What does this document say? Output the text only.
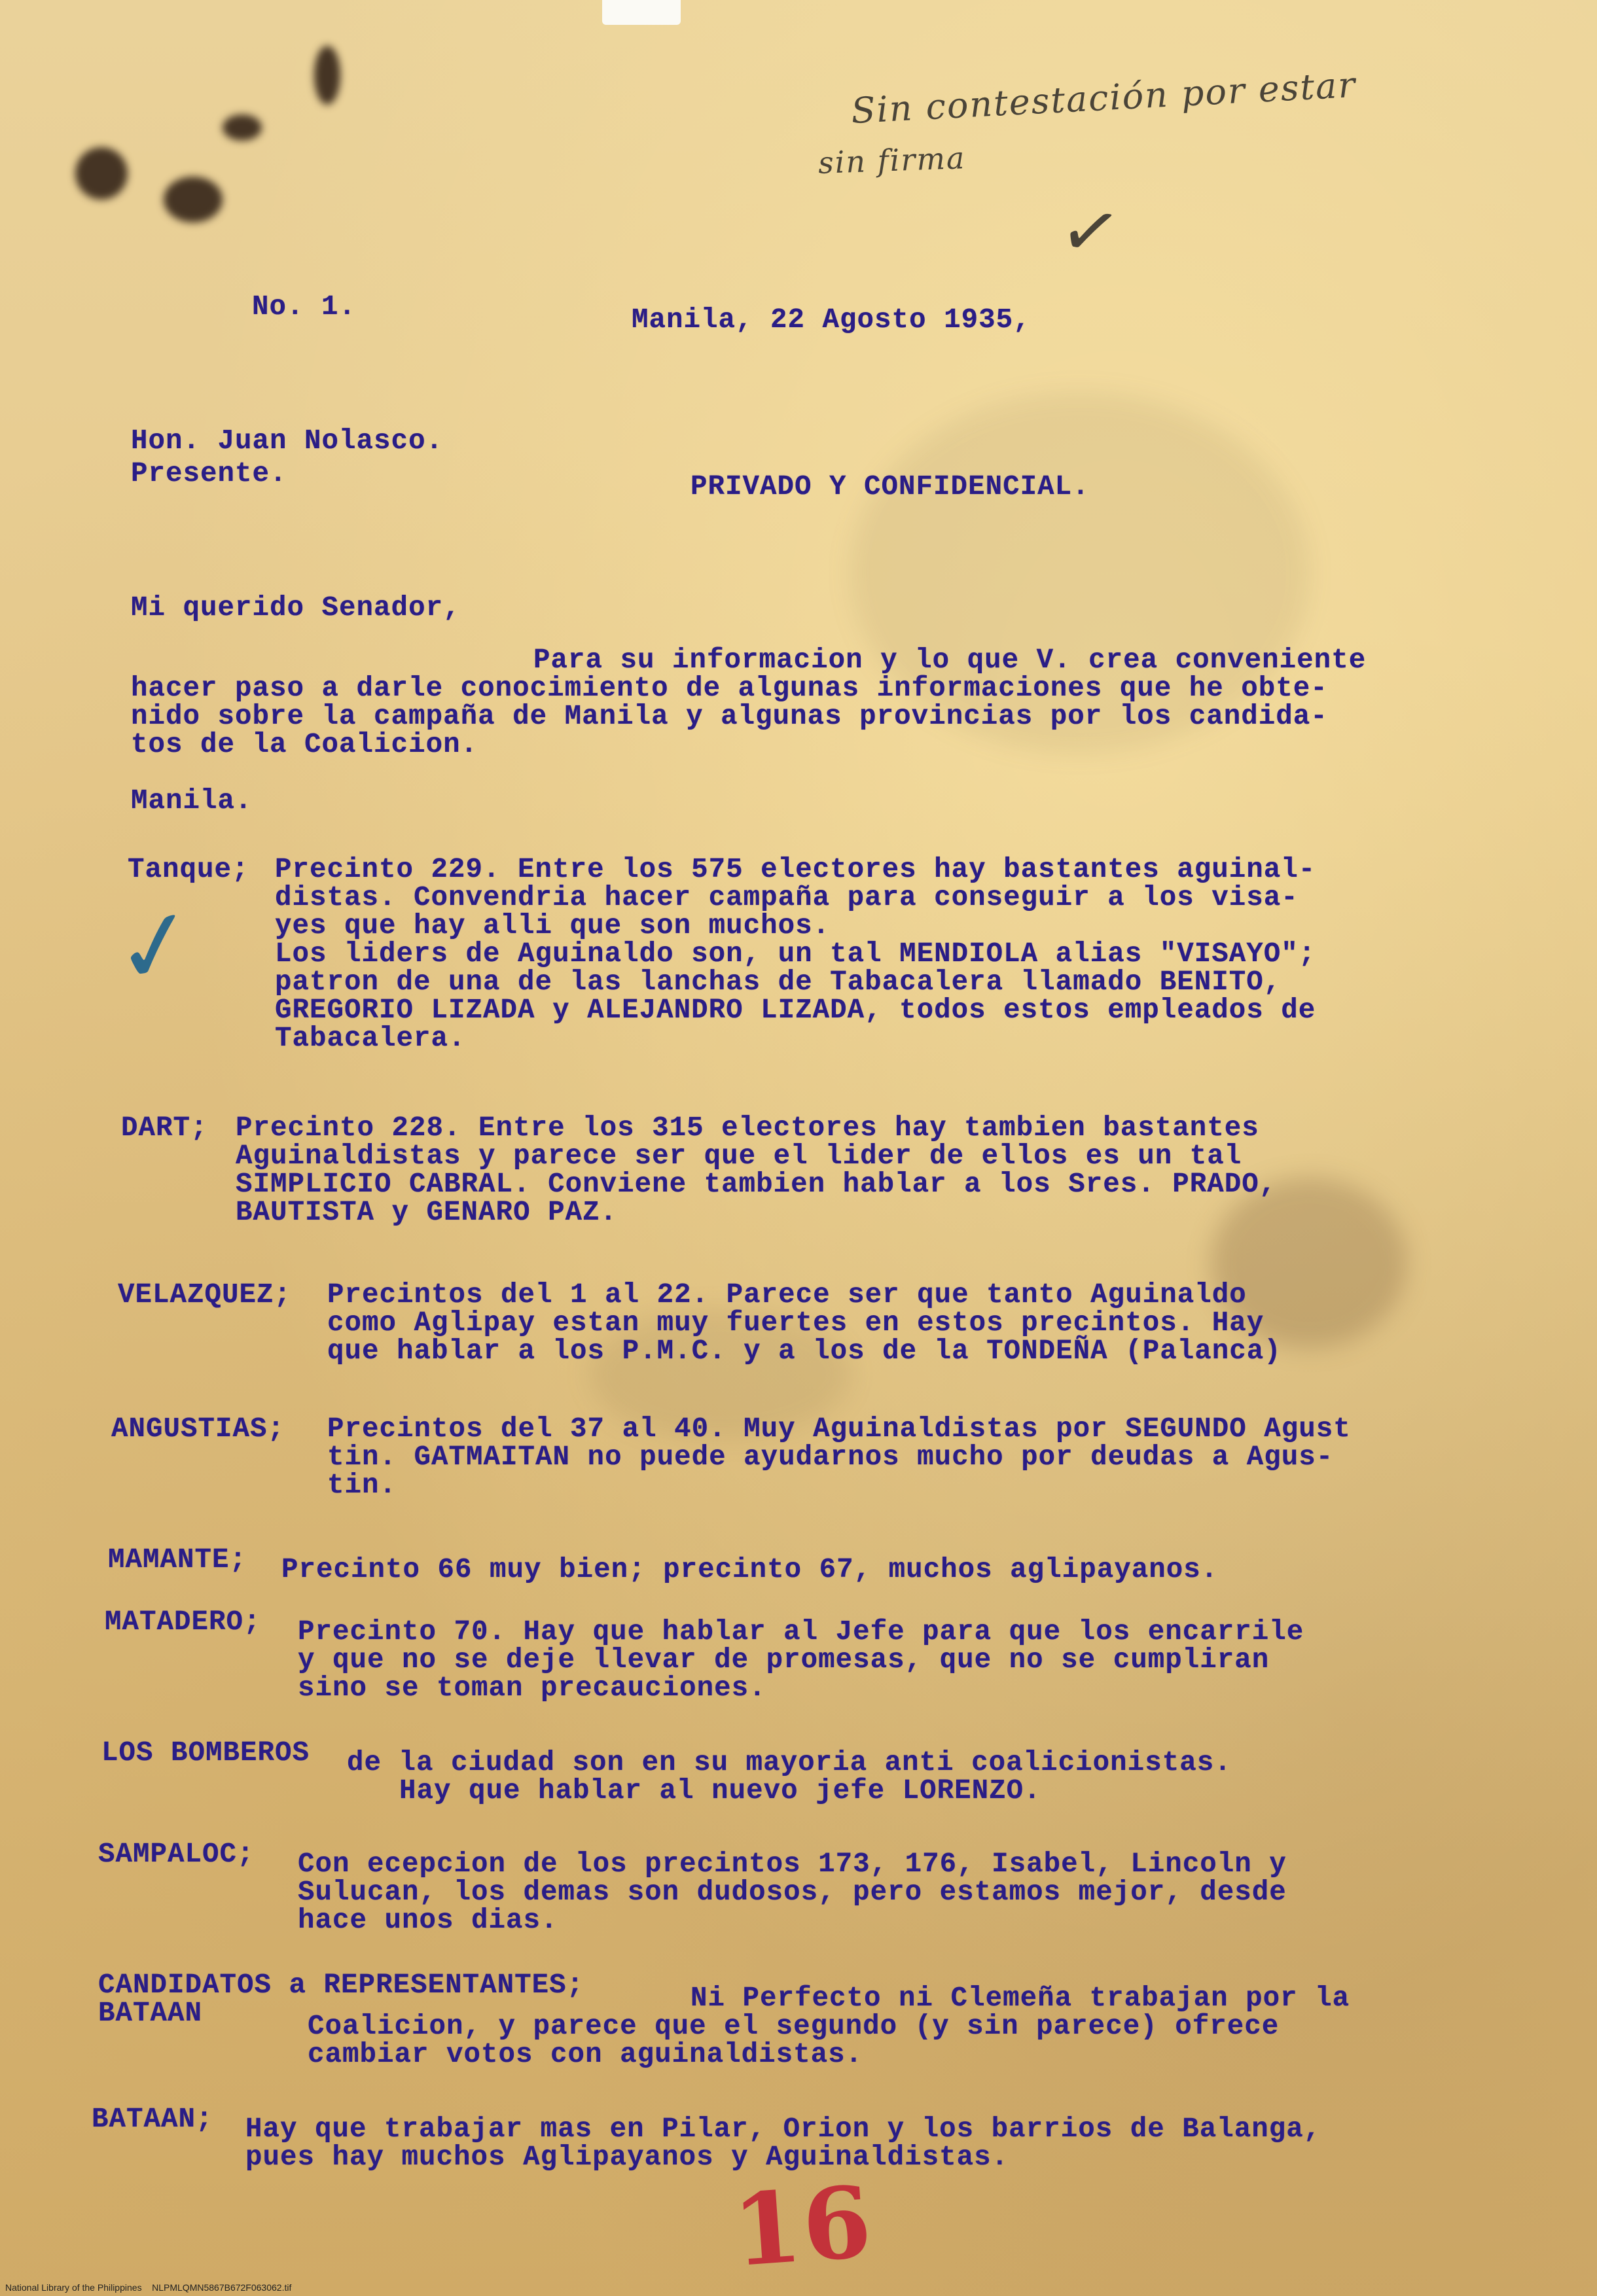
Sin contestación por estar
sin firma
✓
✓
16
No. 1.	Manila, 22 Agosto 1935,
Hon. Juan Nolasco.
Presente.	PRIVADO Y CONFIDENCIAL.
Mi querido Senador,
Para su informacion y lo que V. crea conveniente
hacer paso a darle conocimiento de algunas informaciones que he obte-
nido sobre la campaña de Manila y algunas provincias por los candida-
tos de la Coalicion.
Manila.
Tanque; Precinto 229. Entre los 575 electores hay bastantes aguinal-
distas. Convendria hacer campaña para conseguir a los visa-
yes que hay alli que son muchos.
Los liders de Aguinaldo son, un tal MENDIOLA alias "VISAYO";
patron de una de las lanchas de Tabacalera llamado BENITO,
GREGORIO LIZADA y ALEJANDRO LIZADA, todos estos empleados de
Tabacalera.
DART; Precinto 228. Entre los 315 electores hay tambien bastantes
Aguinaldistas y parece ser que el lider de ellos es un tal
SIMPLICIO CABRAL. Conviene tambien hablar a los Sres. PRADO,
BAUTISTA y GENARO PAZ.
VELAZQUEZ; Precintos del 1 al 22. Parece ser que tanto Aguinaldo
como Aglipay estan muy fuertes en estos precintos. Hay
que hablar a los P.M.C. y a los de la TONDEÑA (Palanca)
ANGUSTIAS; Precintos del 37 al 40. Muy Aguinaldistas por SEGUNDO Agust
tin. GATMAITAN no puede ayudarnos mucho por deudas a Agus-
tin.
MAMANTE; Precinto 66 muy bien; precinto 67, muchos aglipayanos.
MATADERO; Precinto 70. Hay que hablar al Jefe para que los encarrile
y que no se deje llevar de promesas, que no se cumpliran
sino se toman precauciones.
LOS BOMBEROS de la ciudad son en su mayoria anti coalicionistas.
Hay que hablar al nuevo jefe LORENZO.
SAMPALOC; Con ecepcion de los precintos 173, 176, Isabel, Lincoln y
Sulucan, los demas son dudosos, pero estamos mejor, desde
hace unos dias.
CANDIDATOS a REPRESENTANTES;
BATAAN	Ni Perfecto ni Clemeña trabajan por la
Coalicion, y parece que el segundo (y sin parece) ofrece
cambiar votos con aguinaldistas.
BATAAN; Hay que trabajar mas en Pilar, Orion y los barrios de Balanga,
pues hay muchos Aglipayanos y Aguinaldistas.
National Library of the Philippines    NLPMLQMN5867B672F063062.tif
